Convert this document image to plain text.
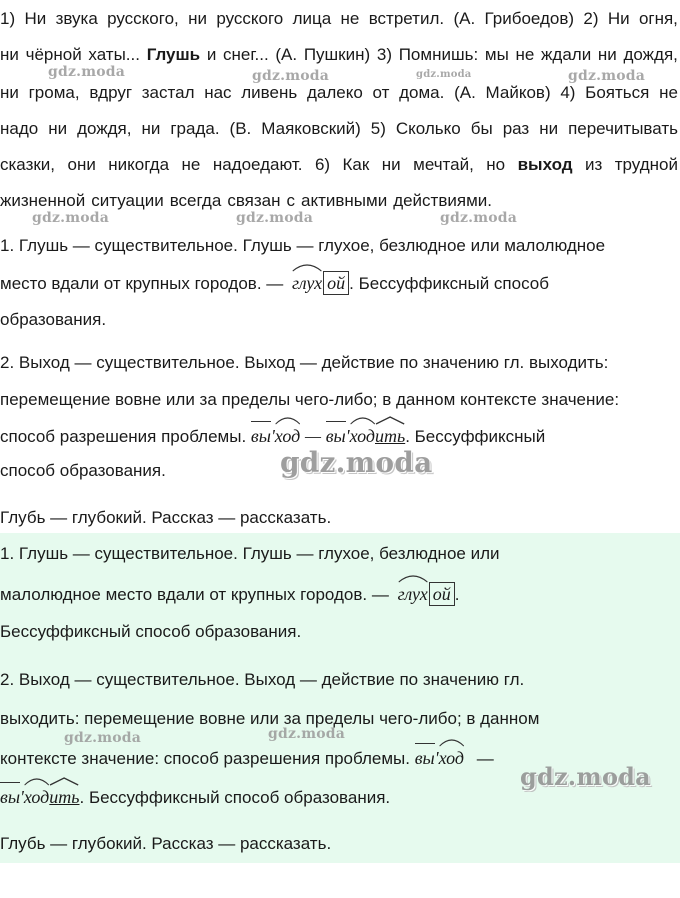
1) Ни звука русского, ни русского лица не встретил. (А. Грибоедов) 2) Ни огня,
ни чёрной хаты... Глушь и снег... (А. Пушкин) 3) Помнишь: мы не ждали ни дождя,
ни грома, вдруг застал нас ливень далеко от дома. (А. Майков) 4) Бояться не
надо ни дождя, ни града. (В. Маяковский) 5) Сколько бы раз ни перечитывать
сказки, они никогда не надоедают. 6) Как ни мечтай, но выход из трудной
жизненной ситуации всегда связан с активными действиями.
1. Глушь — существительное. Глушь — глухое, безлюдное или малолюдное
место вдали от крупных городов. — глух ой . Бессуффиксный способ
образования.
2. Выход — существительное. Выход — действие по значению гл. выходить:
перемещение вовне или за пределы чего-либо; в данном контексте значение:
способ разрешения проблемы. вы'
ход — вы'
ход
ить. Бессуффиксный
способ образования.
Глубь — глубокий. Рассказ — рассказать.
1. Глушь — существительное. Глушь — глухое, безлюдное или
малолюдное место вдали от крупных городов. — глух ой .
Бессуффиксный способ образования.
2. Выход — существительное. Выход — действие по значению гл.
выходить: перемещение вовне или за пределы чего-либо; в данном
контексте значение: способ разрешения проблемы. вы'
ход —
вы'
ход
ить. Бессуффиксный способ образования.
Глубь — глубокий. Рассказ — рассказать.
gdz.moda	gdz.moda	gdz.moda	gdz.moda
gdz.moda	gdz.moda	gdz.moda
gdz.moda
gdz.moda	gdz.moda
gdz.moda
